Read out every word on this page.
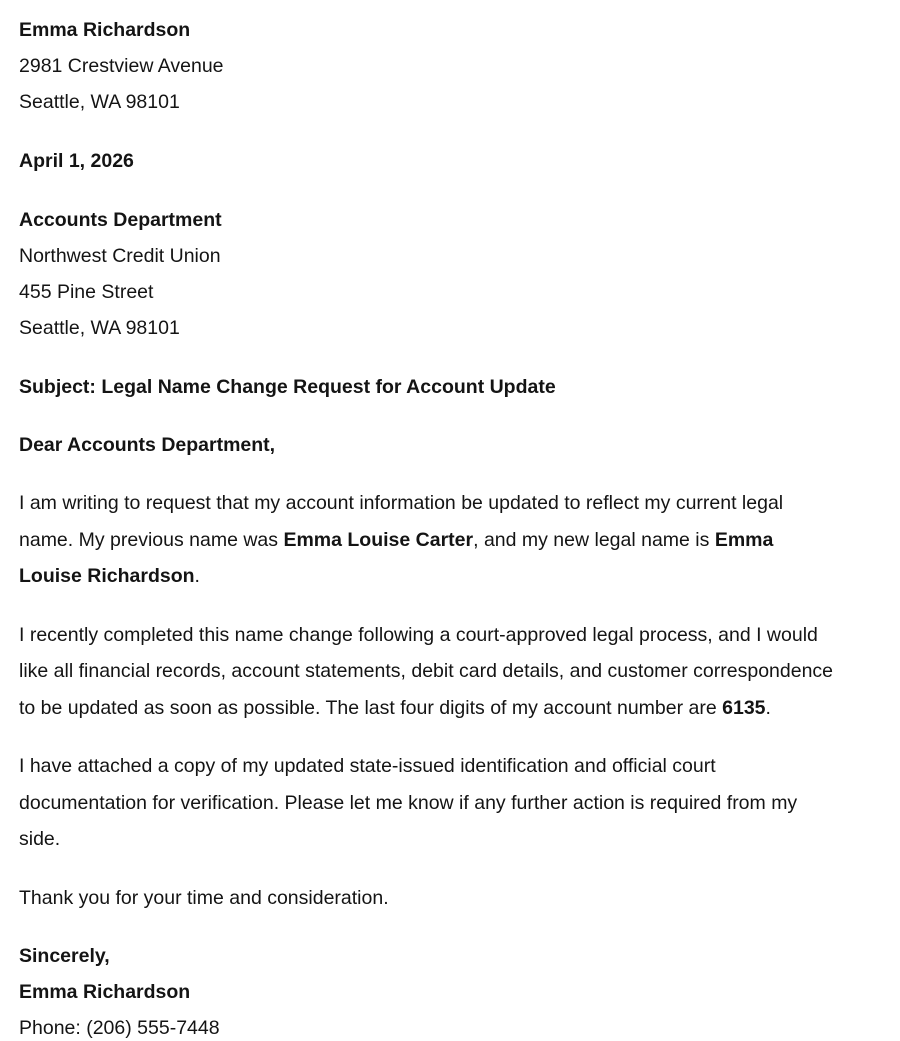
Emma Richardson
2981 Crestview Avenue
Seattle, WA 98101
April 1, 2026
Accounts Department
Northwest Credit Union
455 Pine Street
Seattle, WA 98101
Subject: Legal Name Change Request for Account Update
Dear Accounts Department,

I am writing to request that my account information be updated to reflect my current legal name. My previous name was Emma Louise Carter, and my new legal name is Emma Louise Richardson.

I recently completed this name change following a court-approved legal process, and I would like all financial records, account statements, debit card details, and customer correspondence to be updated as soon as possible. The last four digits of my account number are 6135.

I have attached a copy of my updated state-issued identification and official court documentation for verification. Please let me know if any further action is required from my side.

Thank you for your time and consideration.

Sincerely,
Emma Richardson
Phone: (206) 555-7448
